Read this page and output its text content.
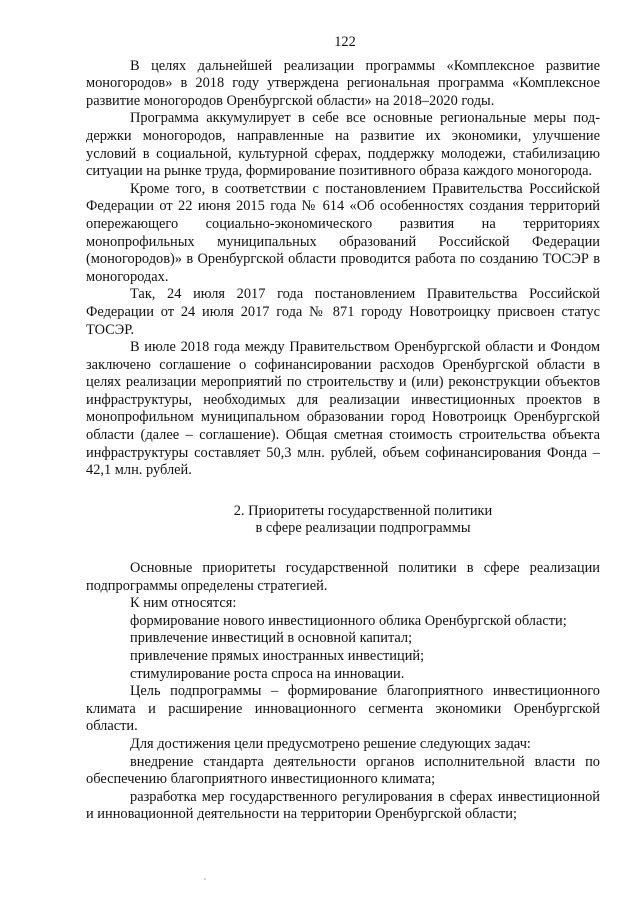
122

В целях дальнейшей реализации программы «Комплексное развитие моногородов» в 2018 году утверждена региональная программа «Комплексное развитие моногородов Оренбургской области» на 2018–2020 годы.

Программа аккумулирует в себе все основные региональные меры поддержки моногородов, направленные на развитие их экономики, улучшение условий в социальной, культурной сферах, поддержку молодежи, стабилизацию ситуации на рынке труда, формирование позитивного образа каждого моногорода.

Кроме того, в соответствии с постановлением Правительства Российской Федерации от 22 июня 2015 года № 614 «Об особенностях создания территорий опережающего социально-экономического развития на территориях монопрофильных муниципальных образований Российской Федерации (моногородов)» в Оренбургской области проводится работа по созданию ТОСЭР в моногородах.

Так, 24 июля 2017 года постановлением Правительства Российской Федерации от 24 июля 2017 года № 871 городу Новотроицку присвоен статус ТОСЭР.

В июле 2018 года между Правительством Оренбургской области и Фондом заключено соглашение о софинансировании расходов Оренбургской области в целях реализации мероприятий по строительству и (или) реконструкции объектов инфраструктуры, необходимых для реализации инвестиционных проектов в монопрофильном муниципальном образовании город Новотроицк Оренбургской области (далее – соглашение). Общая сметная стоимость строительства объекта инфраструктуры составляет 50,3 млн. рублей, объем софинансирования Фонда – 42,1 млн. рублей.

2. Приоритеты государственной политики
в сфере реализации подпрограммы

Основные приоритеты государственной политики в сфере реализации подпрограммы определены стратегией.

К ним относятся:

формирование нового инвестиционного облика Оренбургской области;

привлечение инвестиций в основной капитал;

привлечение прямых иностранных инвестиций;

стимулирование роста спроса на инновации.

Цель подпрограммы – формирование благоприятного инвестиционного климата и расширение инновационного сегмента экономики Оренбургской области.

Для достижения цели предусмотрено решение следующих задач:

внедрение стандарта деятельности органов исполнительной власти по обеспечению благоприятного инвестиционного климата;

разработка мер государственного регулирования в сферах инвестиционной и инновационной деятельности на территории Оренбургской области;
